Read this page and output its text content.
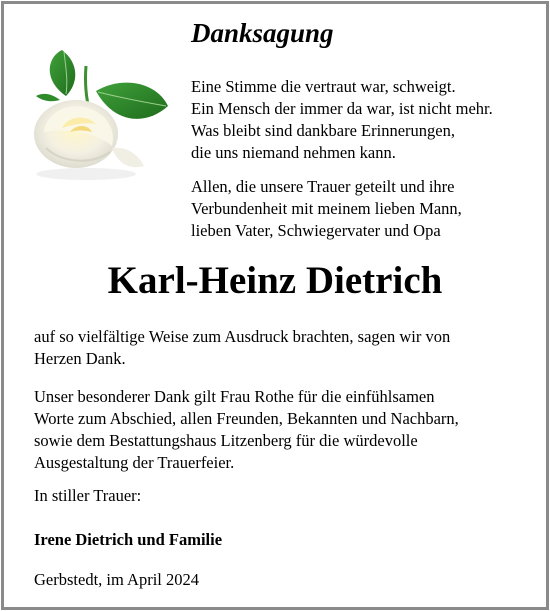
Danksagung
Eine Stimme die vertraut war, schweigt.
Ein Mensch der immer da war, ist nicht mehr.
Was bleibt sind dankbare Erinnerungen,
die uns niemand nehmen kann.
Allen, die unsere Trauer geteilt und ihre
Verbundenheit mit meinem lieben Mann,
lieben Vater, Schwiegervater und Opa
Karl-Heinz Dietrich
auf so vielfältige Weise zum Ausdruck brachten, sagen wir von
Herzen Dank.
Unser besonderer Dank gilt Frau Rothe für die einfühlsamen
Worte zum Abschied, allen Freunden, Bekannten und Nachbarn,
sowie dem Bestattungshaus Litzenberg für die würdevolle
Ausgestaltung der Trauerfeier.
In stiller Trauer:
Irene Dietrich und Familie
Gerbstedt, im April 2024
